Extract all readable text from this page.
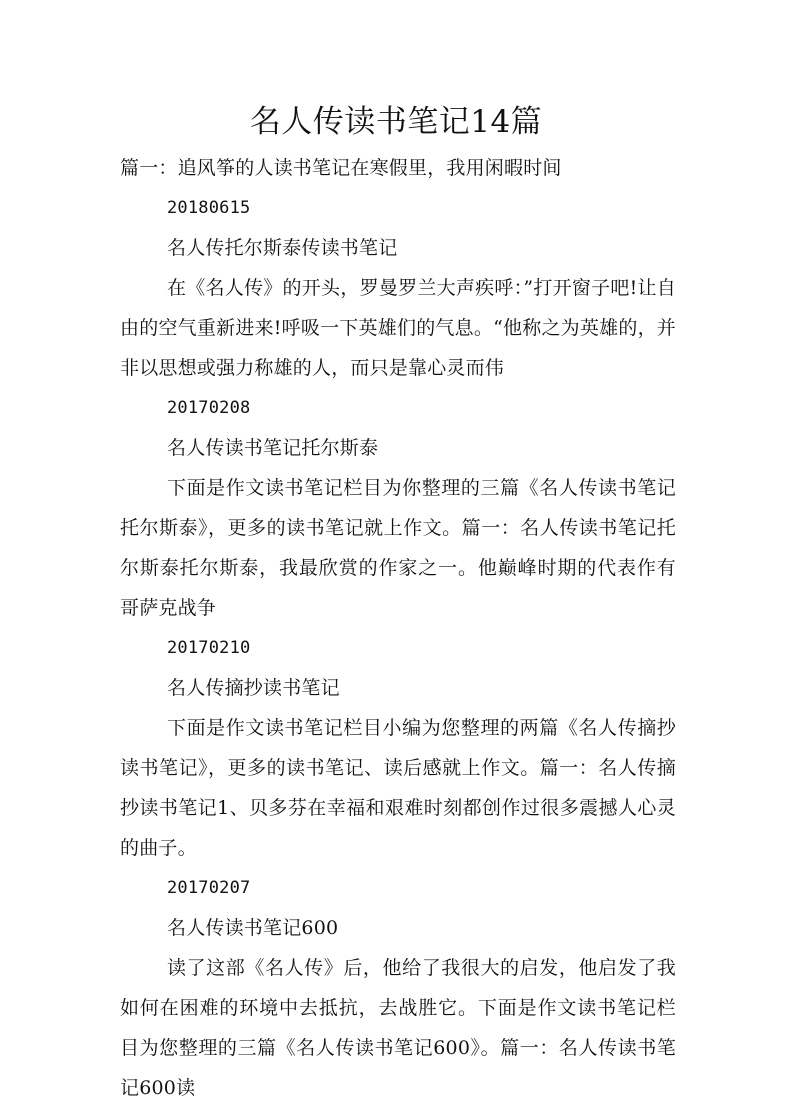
名人传读书笔记14篇

篇一：追风筝的人读书笔记在寒假里，我用闲暇时间

20180615

名人传托尔斯泰传读书笔记

在《名人传》的开头，罗曼罗兰大声疾呼：”打开窗子吧!让自由的空气重新进来!呼吸一下英雄们的气息。“他称之为英雄的，并非以思想或强力称雄的人，而只是靠心灵而伟

20170208

名人传读书笔记托尔斯泰

下面是作文读书笔记栏目为你整理的三篇《名人传读书笔记托尔斯泰》，更多的读书笔记就上作文。篇一：名人传读书笔记托尔斯泰托尔斯泰，我最欣赏的作家之一。他巅峰时期的代表作有哥萨克战争

20170210

名人传摘抄读书笔记

下面是作文读书笔记栏目小编为您整理的两篇《名人传摘抄读书笔记》，更多的读书笔记、读后感就上作文。篇一：名人传摘抄读书笔记1、贝多芬在幸福和艰难时刻都创作过很多震撼人心灵的曲子。

20170207

名人传读书笔记600

读了这部《名人传》后，他给了我很大的启发，他启发了我如何在困难的环境中去抵抗，去战胜它。下面是作文读书笔记栏目为您整理的三篇《名人传读书笔记600》。篇一：名人传读书笔记600读
